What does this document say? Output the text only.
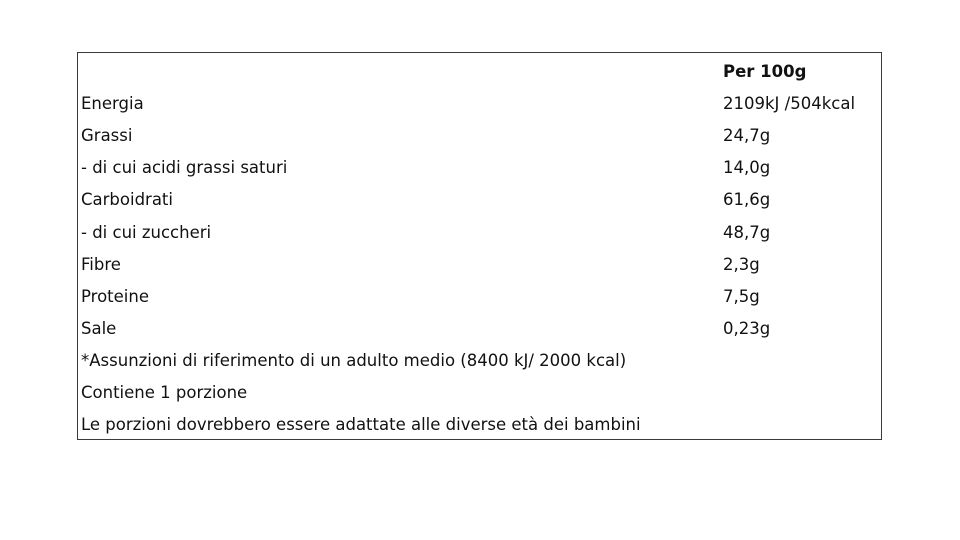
Per 100g
Energia	2109kJ /504kcal
Grassi	24,7g
- di cui acidi grassi saturi	14,0g
Carboidrati	61,6g
- di cui zuccheri	48,7g
Fibre	2,3g
Proteine	7,5g
Sale	0,23g
*Assunzioni di riferimento di un adulto medio (8400 kJ/ 2000 kcal)
Contiene 1 porzione
Le porzioni dovrebbero essere adattate alle diverse età dei bambini
